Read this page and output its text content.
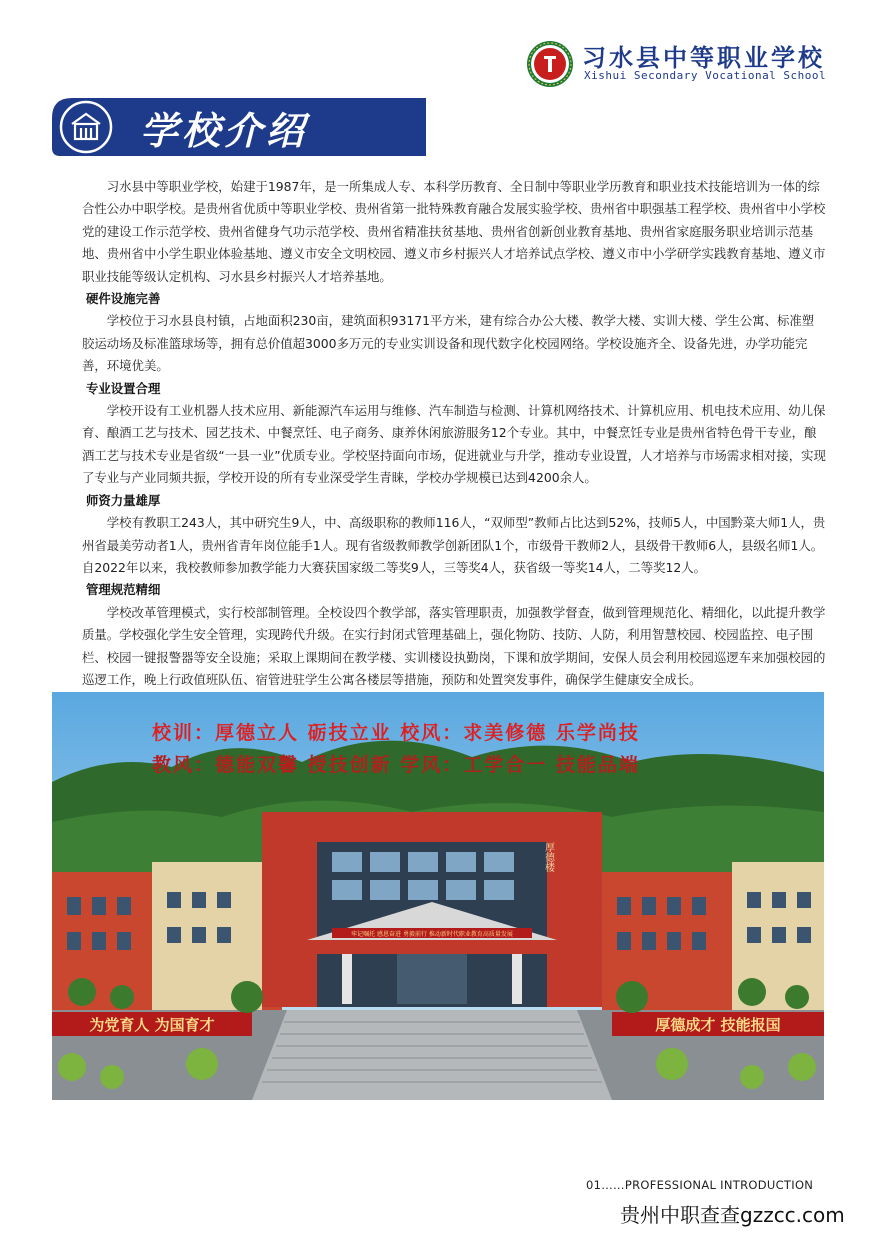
习水县中等职业学校
Xishui Secondary Vocational School
学校介绍

　　习水县中等职业学校，始建于1987年，是一所集成人专、本科学历教育、全日制中等职业学历教育和职业技术技能培训为一体的综合性公办中职学校。是贵州省优质中等职业学校、贵州省第一批特殊教育融合发展实验学校、贵州省中职强基工程学校、贵州省中小学校党的建设工作示范学校、贵州省健身气功示范学校、贵州省精准扶贫基地、贵州省创新创业教育基地、贵州省家庭服务职业培训示范基地、贵州省中小学生职业体验基地、遵义市安全文明校园、遵义市乡村振兴人才培养试点学校、遵义市中小学研学实践教育基地、遵义市职业技能等级认定机构、习水县乡村振兴人才培养基地。

硬件设施完善

　　学校位于习水县良村镇，占地面积230亩，建筑面积93171平方米，建有综合办公大楼、教学大楼、实训大楼、学生公寓、标准塑胶运动场及标准篮球场等，拥有总价值超3000多万元的专业实训设备和现代数字化校园网络。学校设施齐全、设备先进，办学功能完善，环境优美。

专业设置合理

　　学校开设有工业机器人技术应用、新能源汽车运用与维修、汽车制造与检测、计算机网络技术、计算机应用、机电技术应用、幼儿保育、酿酒工艺与技术、园艺技术、中餐烹饪、电子商务、康养休闲旅游服务12个专业。其中，中餐烹饪专业是贵州省特色骨干专业，酿酒工艺与技术专业是省级“一县一业”优质专业。学校坚持面向市场，促进就业与升学，推动专业设置，人才培养与市场需求相对接，实现了专业与产业同频共振，学校开设的所有专业深受学生青睐，学校办学规模已达到4200余人。

师资力量雄厚

　　学校有教职工243人，其中研究生9人，中、高级职称的教师116人，“双师型”教师占比达到52%，技师5人，中国黔菜大师1人，贵州省最美劳动者1人，贵州省青年岗位能手1人。现有省级教师教学创新团队1个，市级骨干教师2人，县级骨干教师6人，县级名师1人。自2022年以来，我校教师参加教学能力大赛获国家级二等奖9人，三等奖4人，获省级一等奖14人，二等奖12人。

管理规范精细

　　学校改革管理模式，实行校部制管理。全校设四个教学部，落实管理职责，加强教学督查，做到管理规范化、精细化，以此提升教学质量。学校强化学生安全管理，实现跨代升级。在实行封闭式管理基础上，强化物防、技防、人防，利用智慧校园、校园监控、电子围栏、校园一键报警器等安全设施；采取上课期间在教学楼、实训楼设执勤岗，下课和放学期间，安保人员会利用校园巡逻车来加强校园的巡逻工作，晚上行政值班队伍、宿管进驻学生公寓各楼层等措施，预防和处置突发事件，确保学生健康安全成长。

厚德楼
牢记嘱托 感恩奋进 勇毅前行 推动新时代职业教育高质量发展
为党育人 为国育才	厚德成才 技能报国
校训：厚德立人 砺技立业 校风：求美修德 乐学尚技
教风：德能双馨 授技创新 学风：工学合一 技能品端
01……PROFESSIONAL INTRODUCTION
贵州中职查查gzzcc.com
